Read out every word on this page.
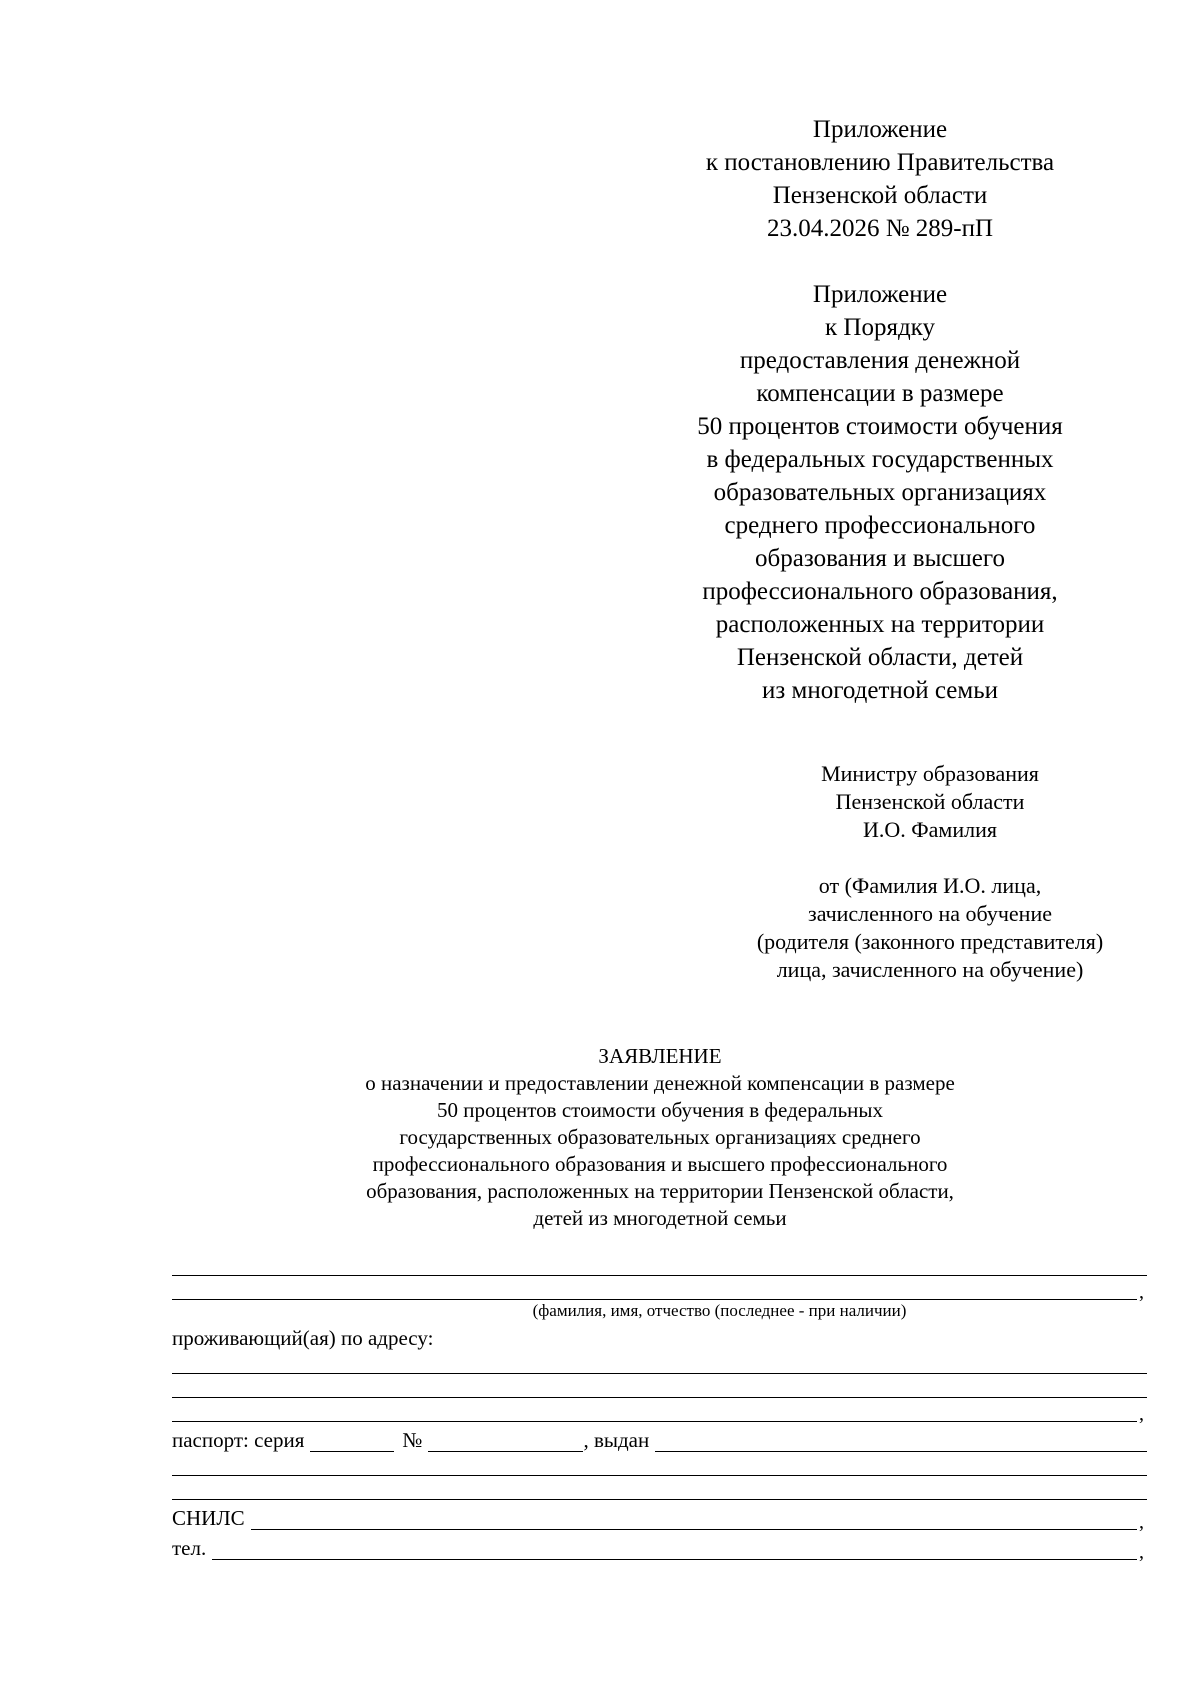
Приложение
к постановлению Правительства
Пензенской области
23.04.2026 № 289-пП
Приложение
к Порядку
предоставления денежной
компенсации в размере
50 процентов стоимости обучения
в федеральных государственных
образовательных организациях
среднего профессионального
образования и высшего
профессионального образования,
расположенных на территории
Пензенской области, детей
из многодетной семьи
Министру образования
Пензенской области
И.О. Фамилия
от (Фамилия И.О. лица,
зачисленного на обучение
(родителя (законного представителя)
лица, зачисленного на обучение)
ЗАЯВЛЕНИЕ
о назначении и предоставлении денежной компенсации в размере
50 процентов стоимости обучения в федеральных
государственных образовательных организациях среднего
профессионального образования и высшего профессионального
образования, расположенных на территории Пензенской области,
детей из многодетной семьи
,
(фамилия, имя, отчество (последнее - при наличии)
проживающий(ая) по адресу:
,
паспорт: серия	№	, выдан
СНИЛС	,
тел.	,
